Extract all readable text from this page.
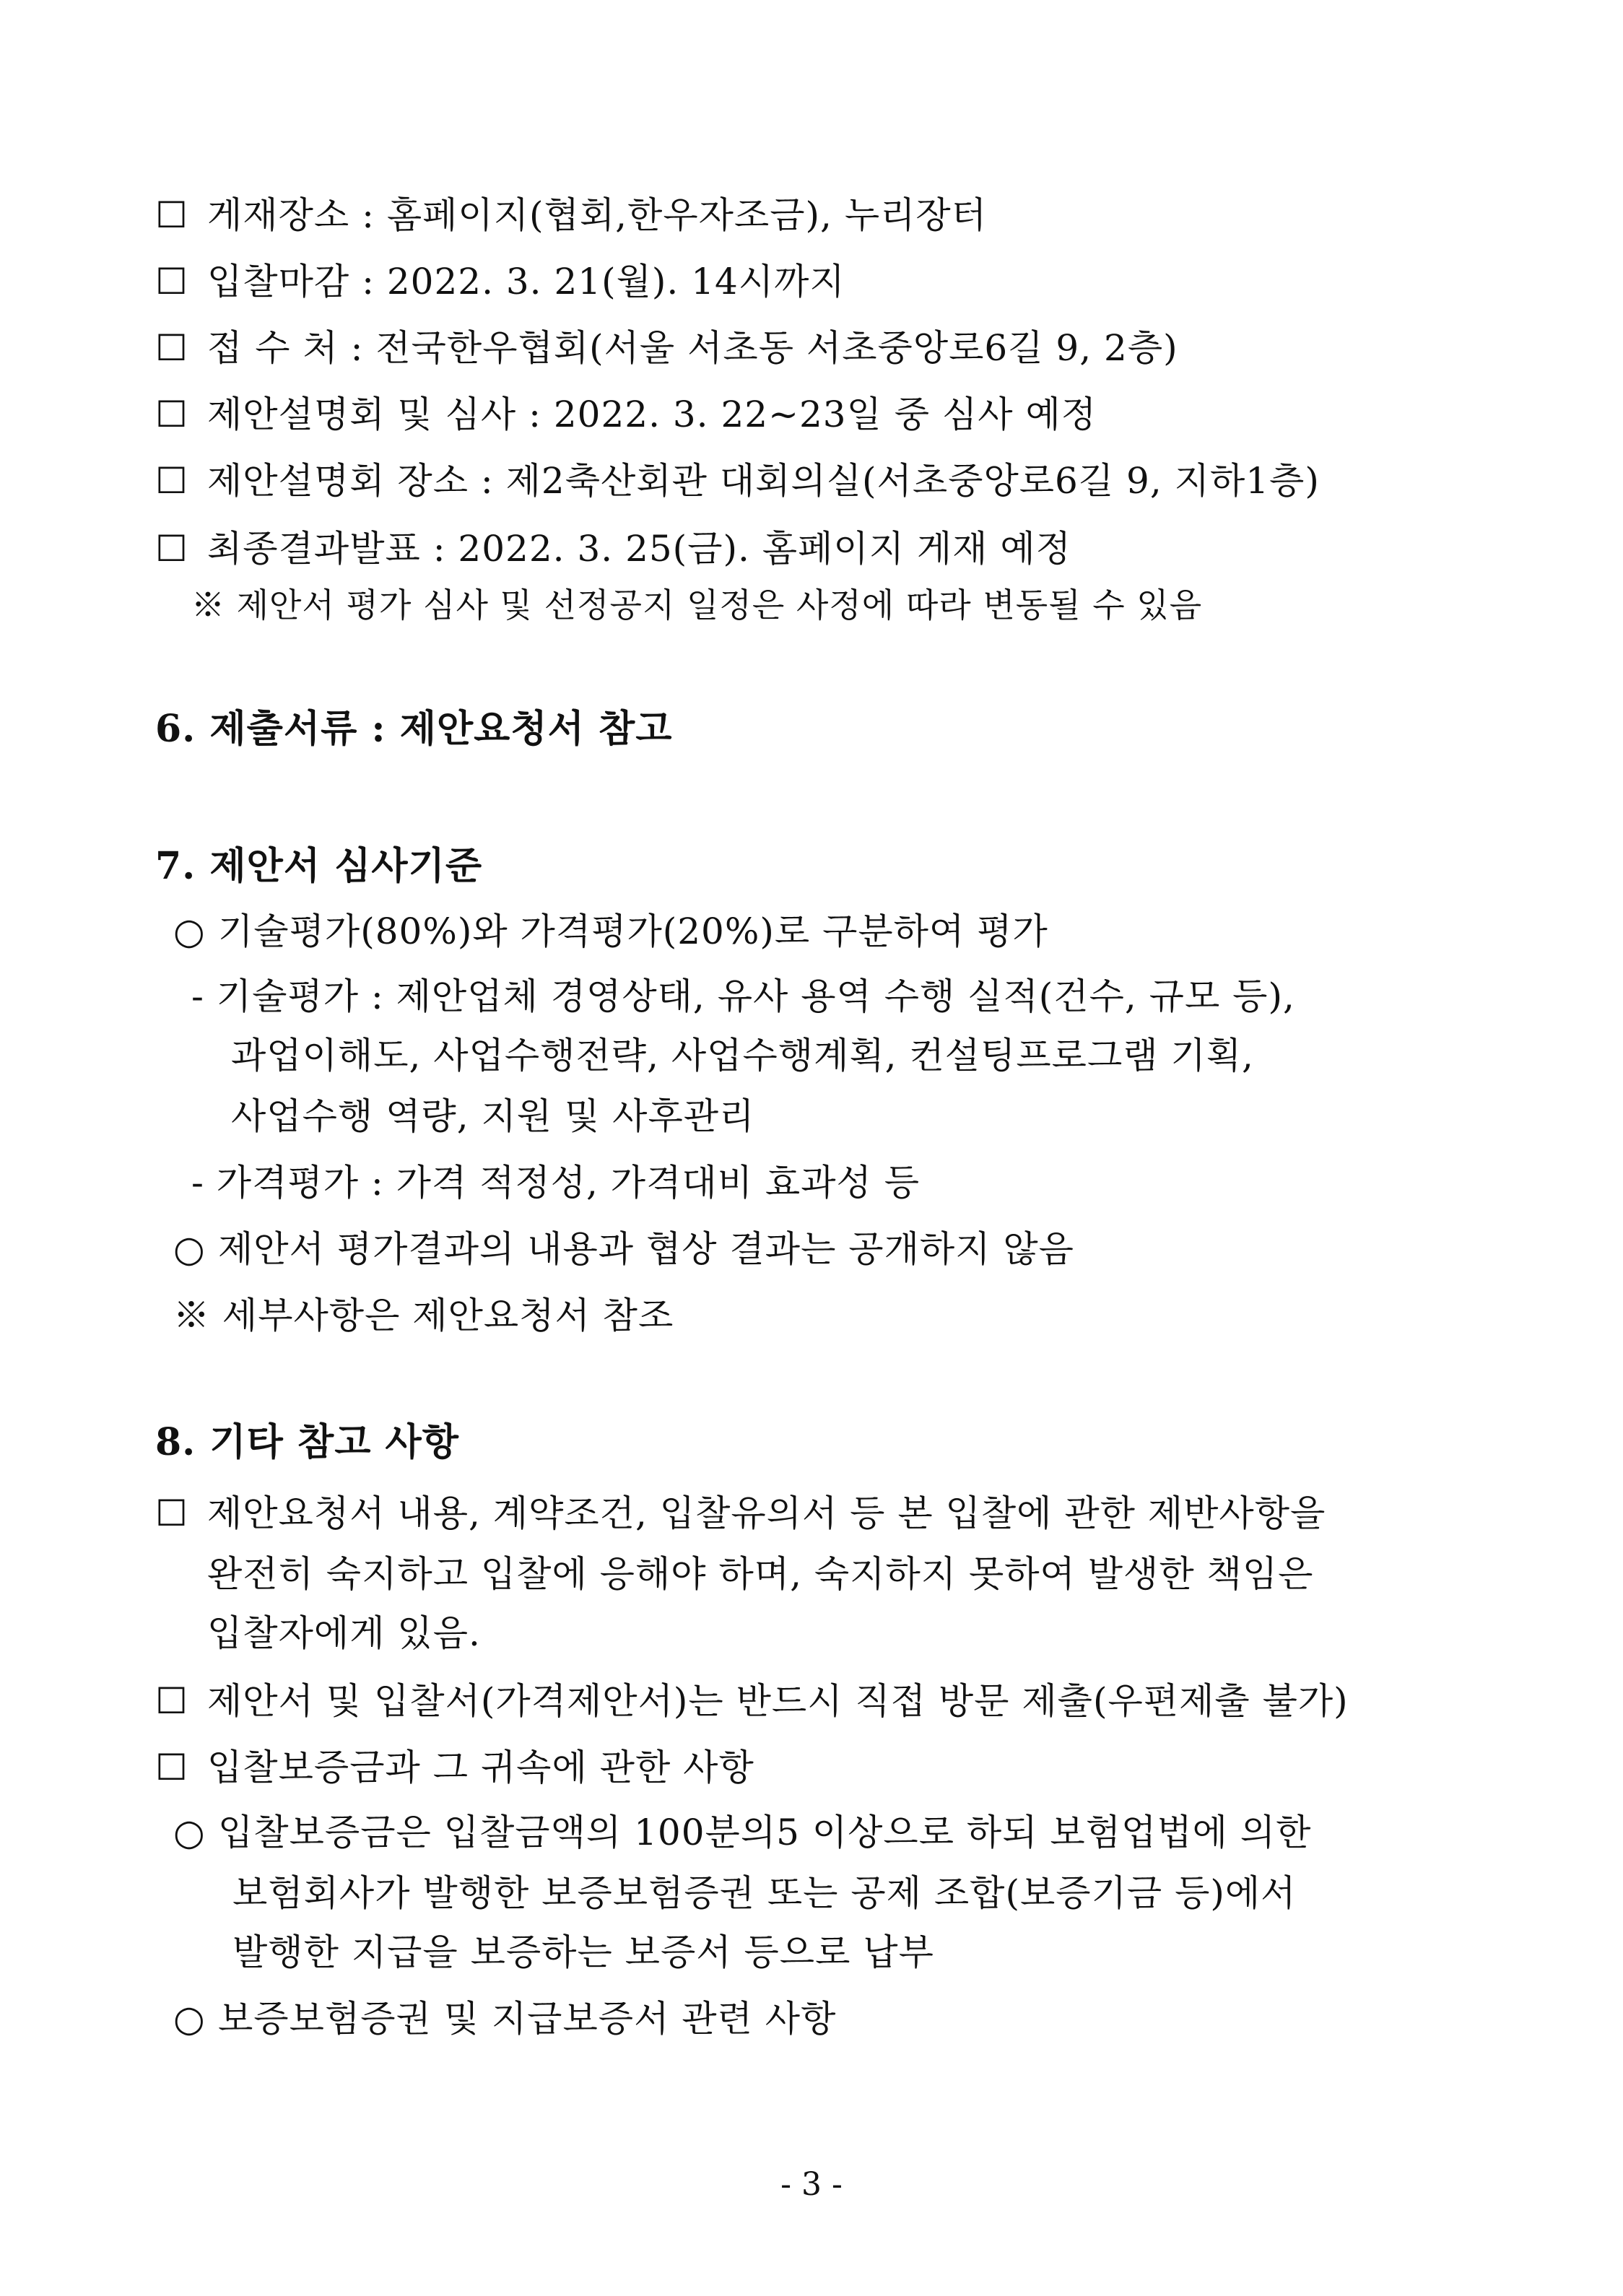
☐ 게재장소 : 홈페이지(협회,한우자조금), 누리장터
☐ 입찰마감 : 2022. 3. 21(월). 14시까지
☐ 접 수 처 : 전국한우협회(서울 서초동 서초중앙로6길 9, 2층)
☐ 제안설명회 및 심사 : 2022. 3. 22~23일 중 심사 예정
☐ 제안설명회 장소 : 제2축산회관 대회의실(서초중앙로6길 9, 지하1층)
☐ 최종결과발표 : 2022. 3. 25(금). 홈페이지 게재 예정
※ 제안서 평가 심사 및 선정공지 일정은 사정에 따라 변동될 수 있음
6. 제출서류 : 제안요청서 참고
7. 제안서 심사기준
○ 기술평가(80%)와 가격평가(20%)로 구분하여 평가
- 기술평가 : 제안업체 경영상태, 유사 용역 수행 실적(건수, 규모 등),
과업이해도, 사업수행전략, 사업수행계획, 컨설팅프로그램 기획,
사업수행 역량, 지원 및 사후관리
- 가격평가 : 가격 적정성, 가격대비 효과성 등
○ 제안서 평가결과의 내용과 협상 결과는 공개하지 않음
※ 세부사항은 제안요청서 참조
8. 기타 참고 사항
☐ 제안요청서 내용, 계약조건, 입찰유의서 등 본 입찰에 관한 제반사항을
완전히 숙지하고 입찰에 응해야 하며, 숙지하지 못하여 발생한 책임은
입찰자에게 있음.
☐ 제안서 및 입찰서(가격제안서)는 반드시 직접 방문 제출(우편제출 불가)
☐ 입찰보증금과 그 귀속에 관한 사항
○ 입찰보증금은 입찰금액의 100분의5 이상으로 하되 보험업법에 의한
보험회사가 발행한 보증보험증권 또는 공제 조합(보증기금 등)에서
발행한 지급을 보증하는 보증서 등으로 납부
○ 보증보험증권 및 지급보증서 관련 사항
- 3 -
